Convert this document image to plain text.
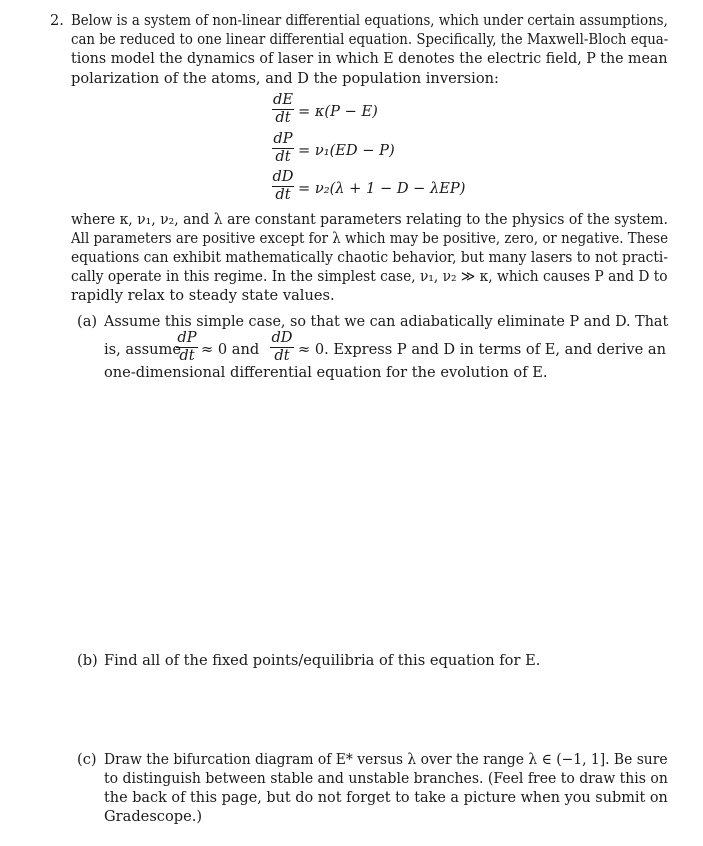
2. Below is a system of non-linear differential equations, which under certain assumptions,
can be reduced to one linear differential equation. Specifically, the Maxwell-Bloch equa-
tions model the dynamics of laser in which E denotes the electric field, P the mean
polarization of the atoms, and D the population inversion:
dE
dt = κ(P − E)
dP
dt = ν₁(ED − P)
dD
dt = ν₂(λ + 1 − D − λEP)
where κ, ν₁, ν₂, and λ are constant parameters relating to the physics of the system.
All parameters are positive except for λ which may be positive, zero, or negative. These
equations can exhibit mathematically chaotic behavior, but many lasers to not practi-
cally operate in this regime. In the simplest case, ν₁, ν₂ ≫ κ, which causes P and D to
rapidly relax to steady state values.
(a) Assume this simple case, so that we can adiabatically eliminate P and D. That
is, assume
dP
dt ≈ 0 and
dD
dt ≈ 0. Express P and D in terms of E, and derive an
one-dimensional differential equation for the evolution of E.
(b) Find all of the fixed points/equilibria of this equation for E.
(c) Draw the bifurcation diagram of E* versus λ over the range λ ∈ (−1, 1]. Be sure
to distinguish between stable and unstable branches. (Feel free to draw this on
the back of this page, but do not forget to take a picture when you submit on
Gradescope.)
